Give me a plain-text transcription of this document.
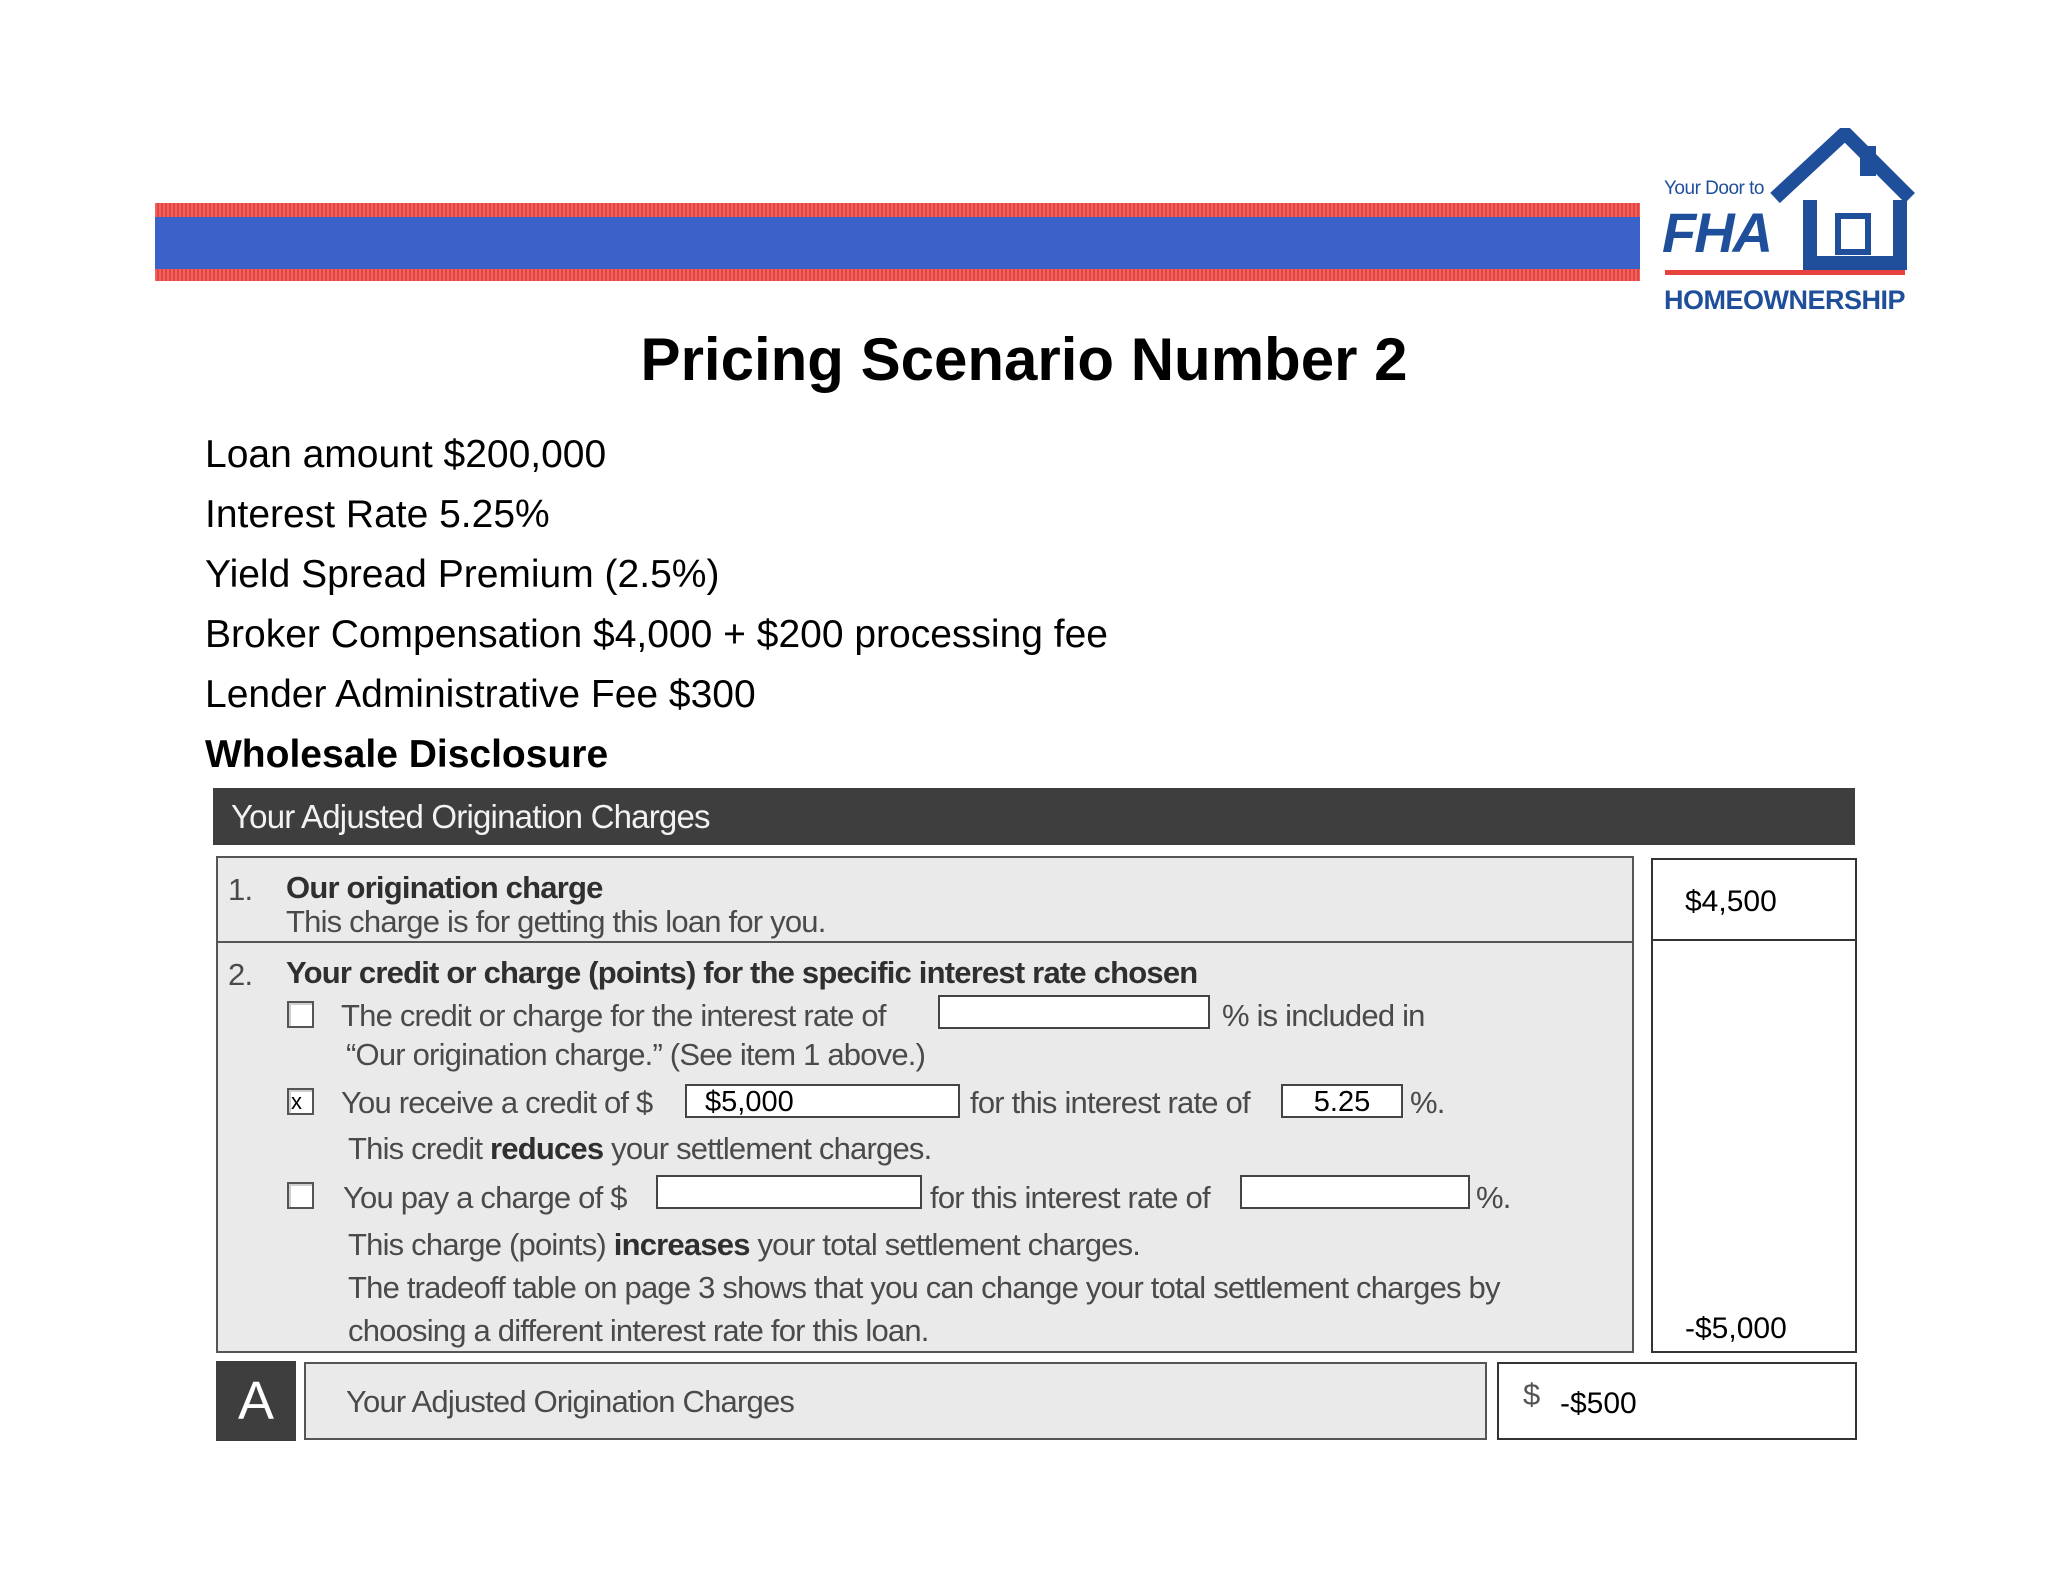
Your Door to
FHA
HOMEOWNERSHIP
Pricing Scenario Number 2
Loan amount $200,000
Interest Rate 5.25%
Yield Spread Premium (2.5%)
Broker Compensation $4,000 + $200 processing fee
Lender Administrative Fee $300
Wholesale Disclosure
Your Adjusted Origination Charges
1. Our origination charge
This charge is for getting this loan for you.
$4,500
2. Your credit or charge (points) for the specific interest rate chosen
The credit or charge for the interest rate of	% is included in
“Our origination charge.” (See item 1 above.)
x	You receive a credit of $	$5,000	for this interest rate of	5.25	%.
This credit reduces your settlement charges.
You pay a charge of $	for this interest rate of	%.
This charge (points) increases your total settlement charges.
The tradeoff table on page 3 shows that you can change your total settlement charges by
choosing a different interest rate for this loan.	-$5,000
A	Your Adjusted Origination Charges	$ -$500
